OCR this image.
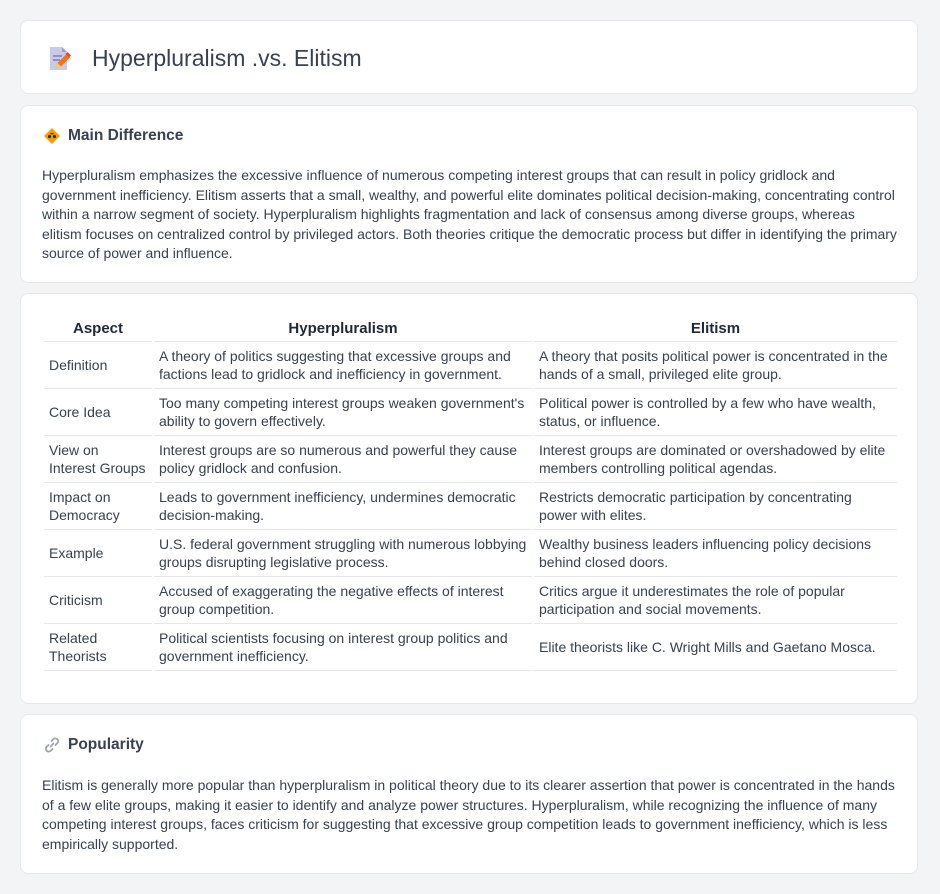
Hyperpluralism .vs. Elitism
Main Difference

Hyperpluralism emphasizes the excessive influence of numerous competing interest groups that can result in policy gridlock and government inefficiency. Elitism asserts that a small, wealthy, and powerful elite dominates political decision-making, concentrating control within a narrow segment of society. Hyperpluralism highlights fragmentation and lack of consensus among diverse groups, whereas elitism focuses on centralized control by privileged actors. Both theories critique the democratic process but differ in identifying the primary source of power and influence.

Aspect	Hyperpluralism	Elitism
Definition	A theory of politics suggesting that excessive groups and factions lead to gridlock and inefficiency in government.	A theory that posits political power is concentrated in the hands of a small, privileged elite group.
Core Idea	Too many competing interest groups weaken government's ability to govern effectively.	Political power is controlled by a few who have wealth, status, or influence.
View on Interest Groups	Interest groups are so numerous and powerful they cause policy gridlock and confusion.	Interest groups are dominated or overshadowed by elite members controlling political agendas.
Impact on Democracy	Leads to government inefficiency, undermines democratic decision-making.	Restricts democratic participation by concentrating power with elites.
Example	U.S. federal government struggling with numerous lobbying groups disrupting legislative process.	Wealthy business leaders influencing policy decisions behind closed doors.
Criticism	Accused of exaggerating the negative effects of interest group competition.	Critics argue it underestimates the role of popular participation and social movements.
Related Theorists	Political scientists focusing on interest group politics and government inefficiency.	Elite theorists like C. Wright Mills and Gaetano Mosca.
Popularity

Elitism is generally more popular than hyperpluralism in political theory due to its clearer assertion that power is concentrated in the hands of a few elite groups, making it easier to identify and analyze power structures. Hyperpluralism, while recognizing the influence of many competing interest groups, faces criticism for suggesting that excessive group competition leads to government inefficiency, which is less empirically supported.
